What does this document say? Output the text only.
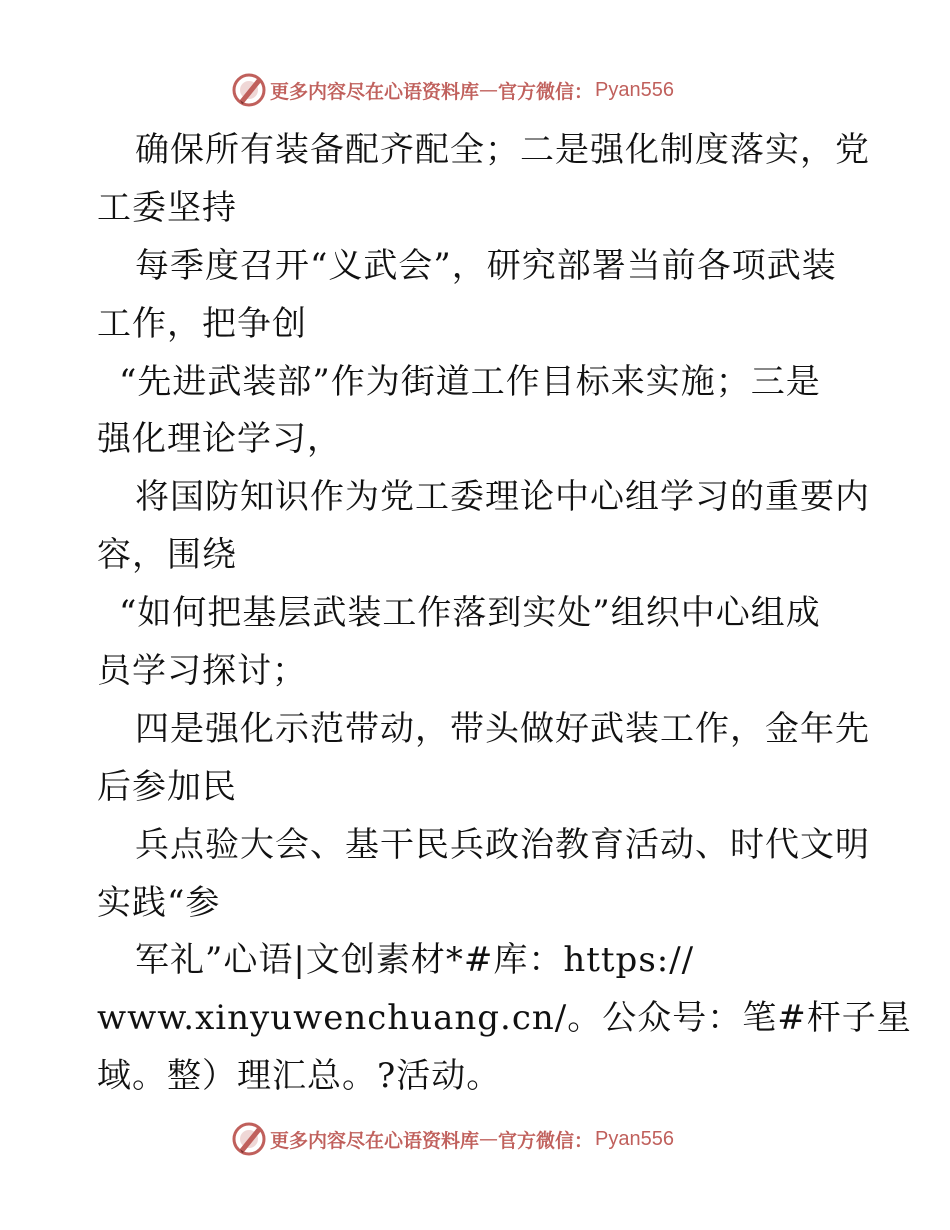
更多内容尽在心语资料库 — 官方微信： Pyan556
确保所有装备配齐配全；二是强化制度落实，党
工委坚持
每季度召开“义武会”，研究部署当前各项武装
工作，把争创
“先进武装部”作为街道工作目标来实施；三是
强化理论学习，
将国防知识作为党工委理论中心组学习的重要内
容，围绕
“如何把基层武装工作落到实处”组织中心组成
员学习探讨；
四是强化示范带动，带头做好武装工作，金年先
后参加民
兵点验大会、基干民兵政治教育活动、时代文明
实践“参
军礼”心语|文创素材*#库：https://
www.xinyuwenchuang.cn/。公众号：笔#杆子星
域。整）理汇总。?活动。
更多内容尽在心语资料库 — 官方微信： Pyan556
